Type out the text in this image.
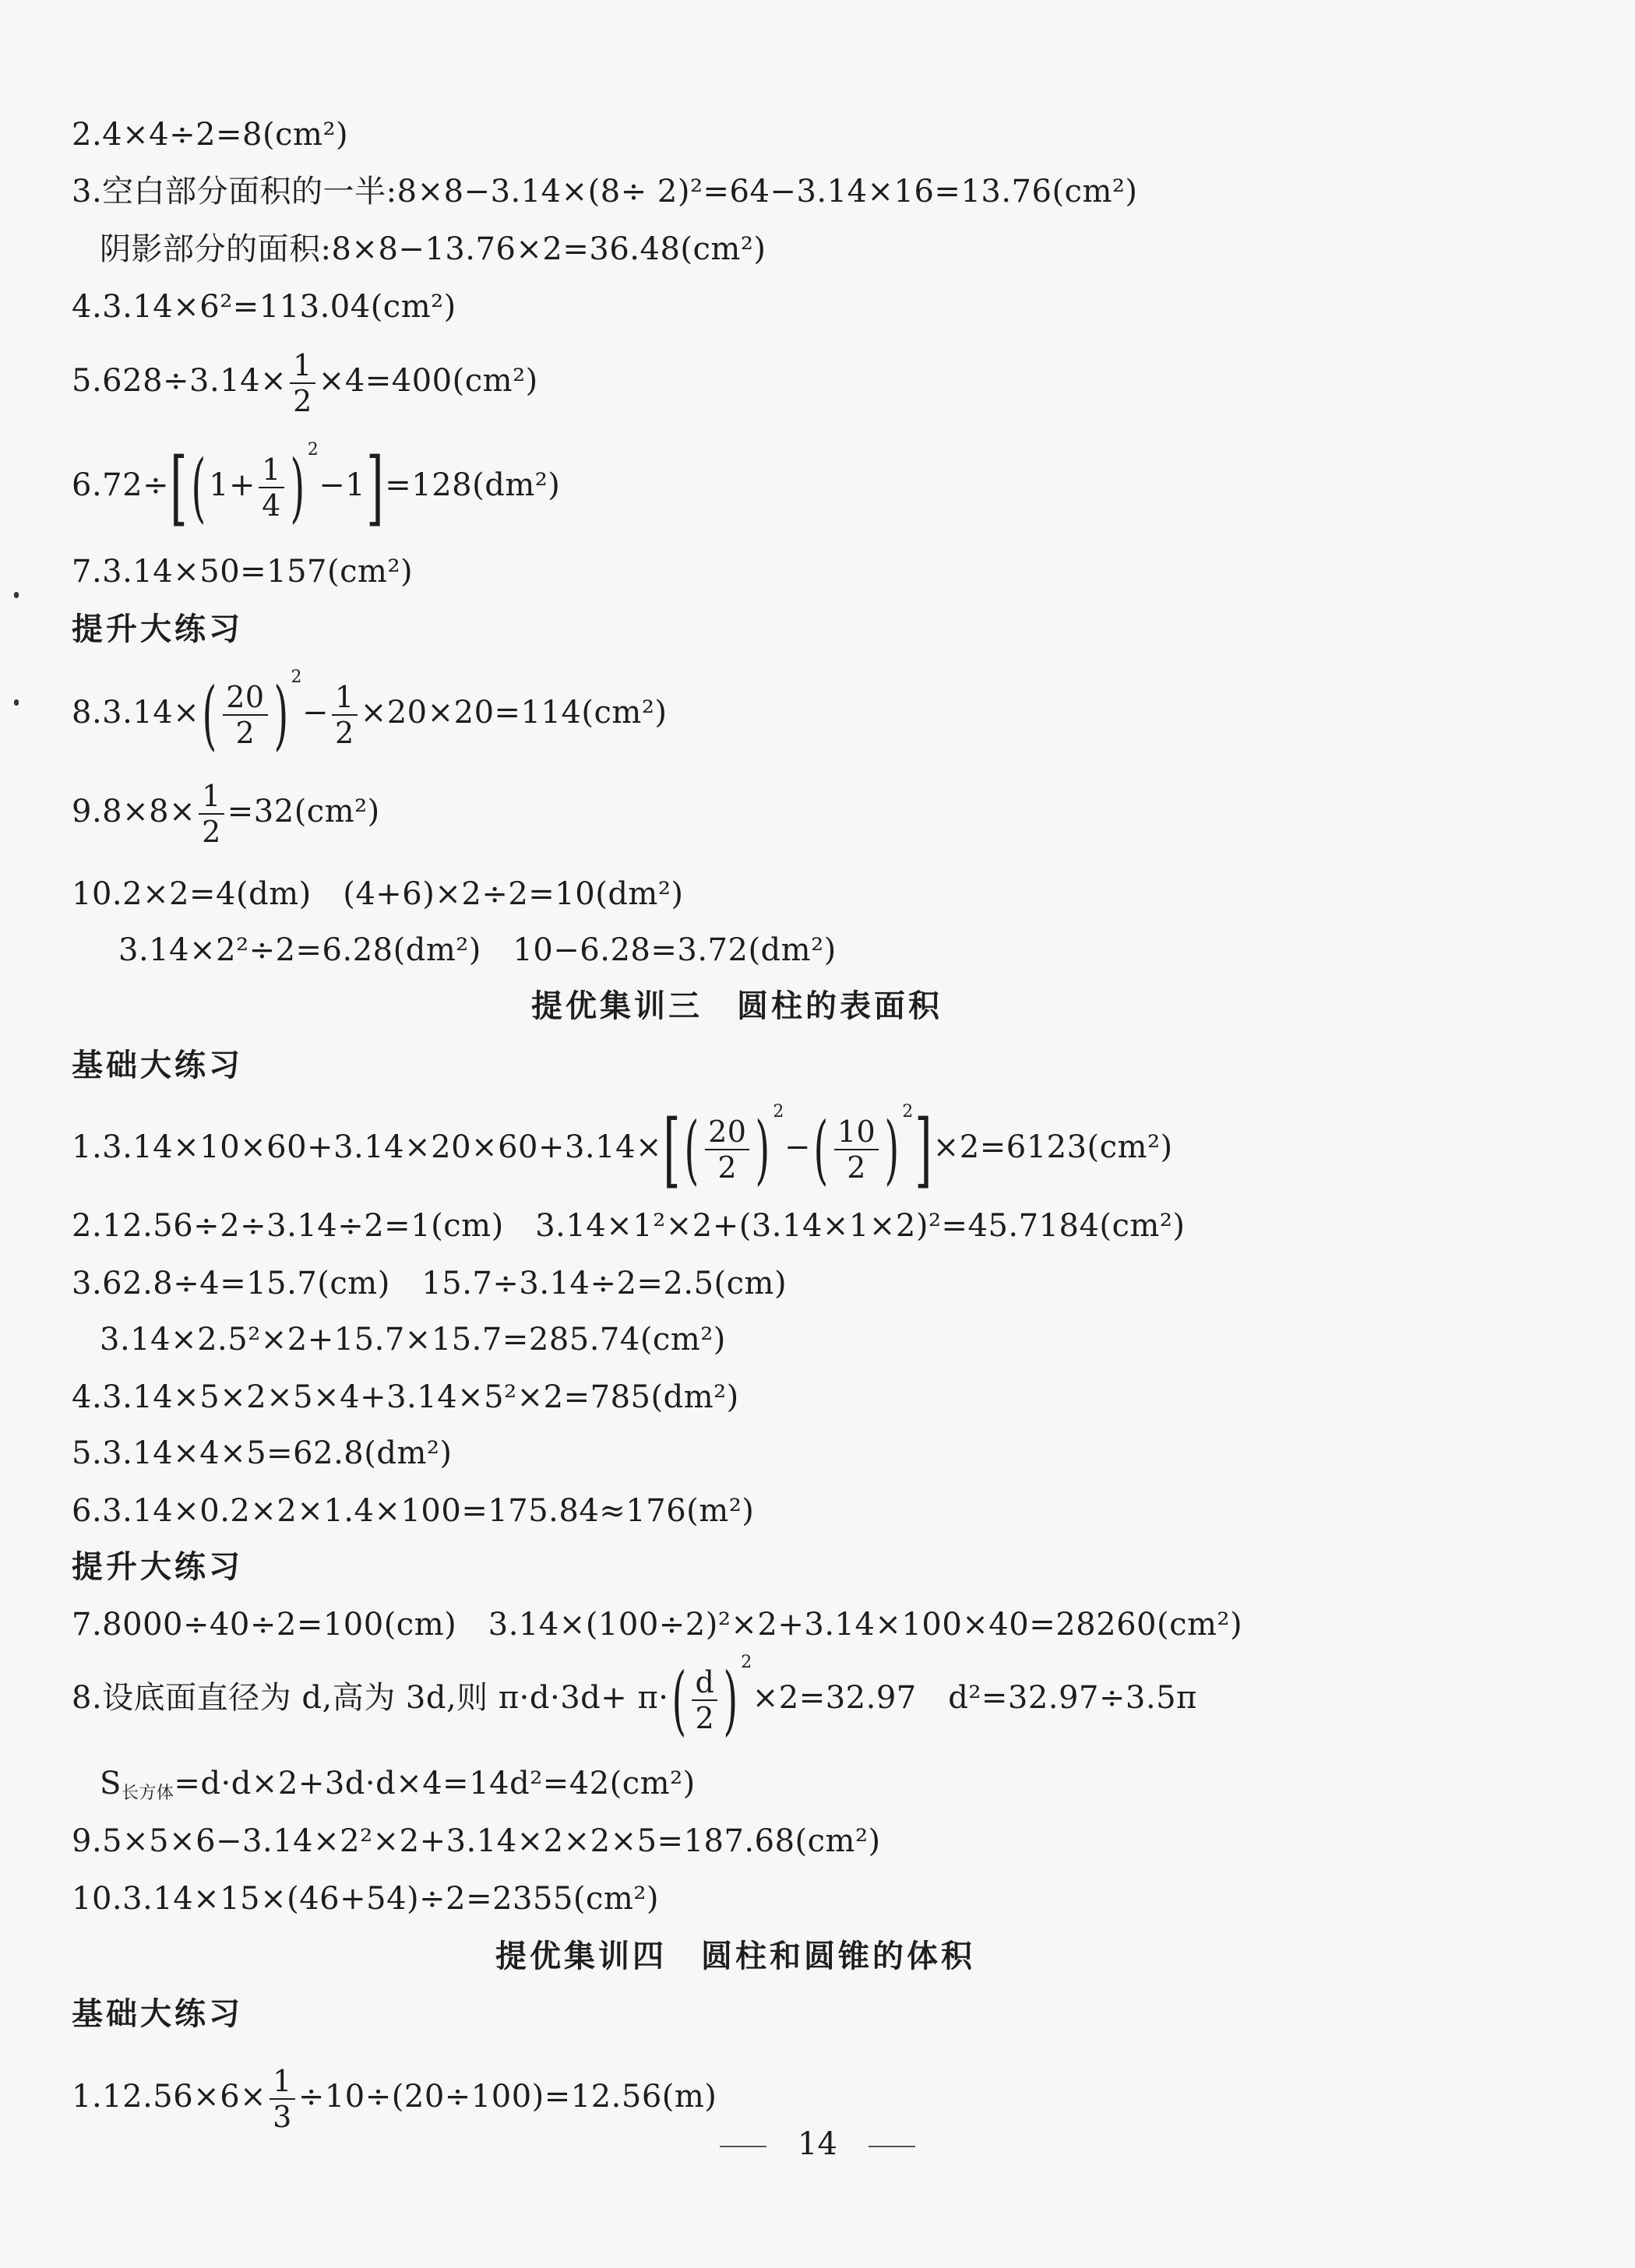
2.4×4÷2=8(cm²)
3.空白部分面积的一半:8×8−3.14×(8÷ 2)²=64−3.14×16=13.76(cm²)
阴影部分的面积:8×8−13.76×2=36.48(cm²)
4.3.14×6²=113.04(cm²)
$5.628\div 3.14\times \frac{1}{2} \times 4=400(cm^2)$
$6.72\div[(1+ \frac{1}{4}$ ) $^2$−1]=128(dm²)
7.3.14×50=157(cm²)
提升大练习
$8.3.14\times( \frac{20}{2}$ ) $^2- \frac{1}{2} \times 20\times 20=114(cm^2)$
$9.8\times 8\times \frac{1}{2} =32(cm^2)$
10.2×2=4(dm)　(4+6)×2÷2=10(dm²)
3.14×2²÷2=6.28(dm²)　10−6.28=3.72(dm²)
提优集训三　圆柱的表面积
基础大练习
$1.3.14\times 10\times 60+3.14\times 20\times 60+3.14\times[( \frac{20}{2}$ ) $^2-( \frac{10}{2}$ ) $^2$]×2=6123(cm²)
2.12.56÷2÷3.14÷2=1(cm)　3.14×1²×2+(3.14×1×2)²=45.7184(cm²)
3.62.8÷4=15.7(cm)　15.7÷3.14÷2=2.5(cm)
3.14×2.5²×2+15.7×15.7=285.74(cm²)
4.3.14×5×2×5×4+3.14×5²×2=785(dm²)
5.3.14×4×5=62.8(dm²)
6.3.14×0.2×2×1.4×100=175.84≈176(m²)
提升大练习
7.8000÷40÷2=100(cm)　3.14×(100÷2)²×2+3.14×100×40=28260(cm²)
8.设底面直径为 d,高为 3d,则 $\pi\cdot d\cdot 3d+ \pi\cdot( \frac{d}{2}$ ) $^2$×2=32.97　d²=32.97÷3.5π
$S_{长方体}=d\cdot d\times 2+3d\cdot d\times 4=14d^2=42(cm^2)$
9.5×5×6−3.14×2²×2+3.14×2×2×5=187.68(cm²)
10.3.14×15×(46+54)÷2=2355(cm²)
提优集训四　圆柱和圆锥的体积
基础大练习
$1.12.56\times 6\times \frac{1}{3} \div 10\div(20\div 100)=12.56(m)$
14
